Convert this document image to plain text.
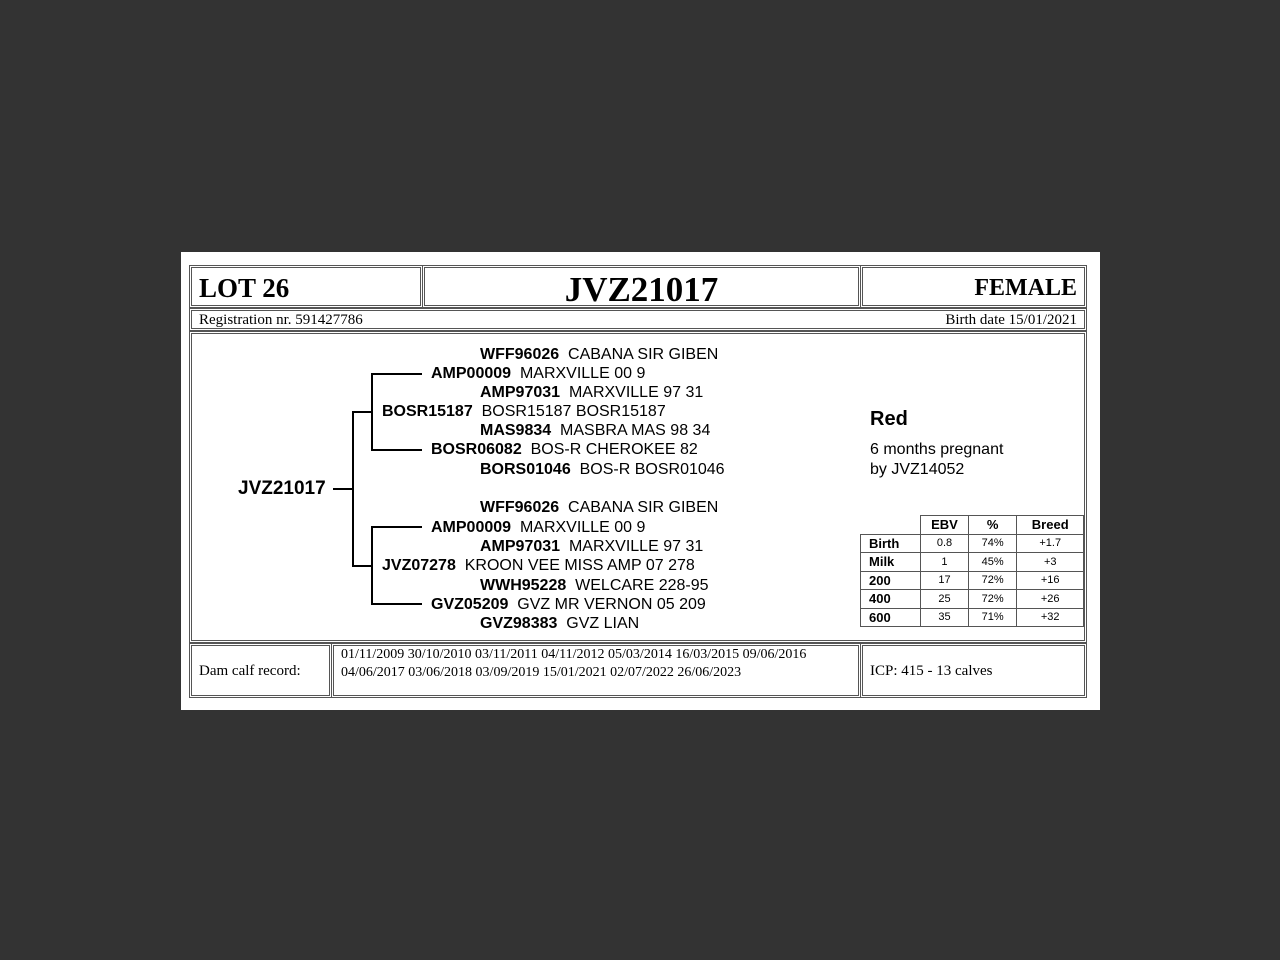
LOT 26	JVZ21017	FEMALE
Registration nr. 591427786	Birth date 15/01/2021
JVZ21017
WFF96026 CABANA SIR GIBEN
AMP00009 MARXVILLE 00 9
AMP97031 MARXVILLE 97 31
BOSR15187 BOSR15187 BOSR15187
MAS9834 MASBRA MAS 98 34
BOSR06082 BOS-R CHEROKEE 82
BORS01046 BOS-R BOSR01046
WFF96026 CABANA SIR GIBEN
AMP00009 MARXVILLE 00 9
AMP97031 MARXVILLE 97 31
JVZ07278 KROON VEE MISS AMP 07 278
WWH95228 WELCARE 228-95
GVZ05209 GVZ MR VERNON 05 209
GVZ98383 GVZ LIAN
Red
6 months pregnant
by JVZ14052
	EBV	%	Breed
Birth	0.8	74%	+1.7
Milk	1	45%	+3
200	17	72%	+16
400	25	72%	+26
600	35	71%	+32
Dam calf record:
01/11/2009 30/10/2010 03/11/2011 04/11/2012 05/03/2014 16/03/2015 09/06/2016 04/06/2017 03/06/2018 03/09/2019 15/01/2021 02/07/2022 26/06/2023	ICP: 415 - 13 calves
